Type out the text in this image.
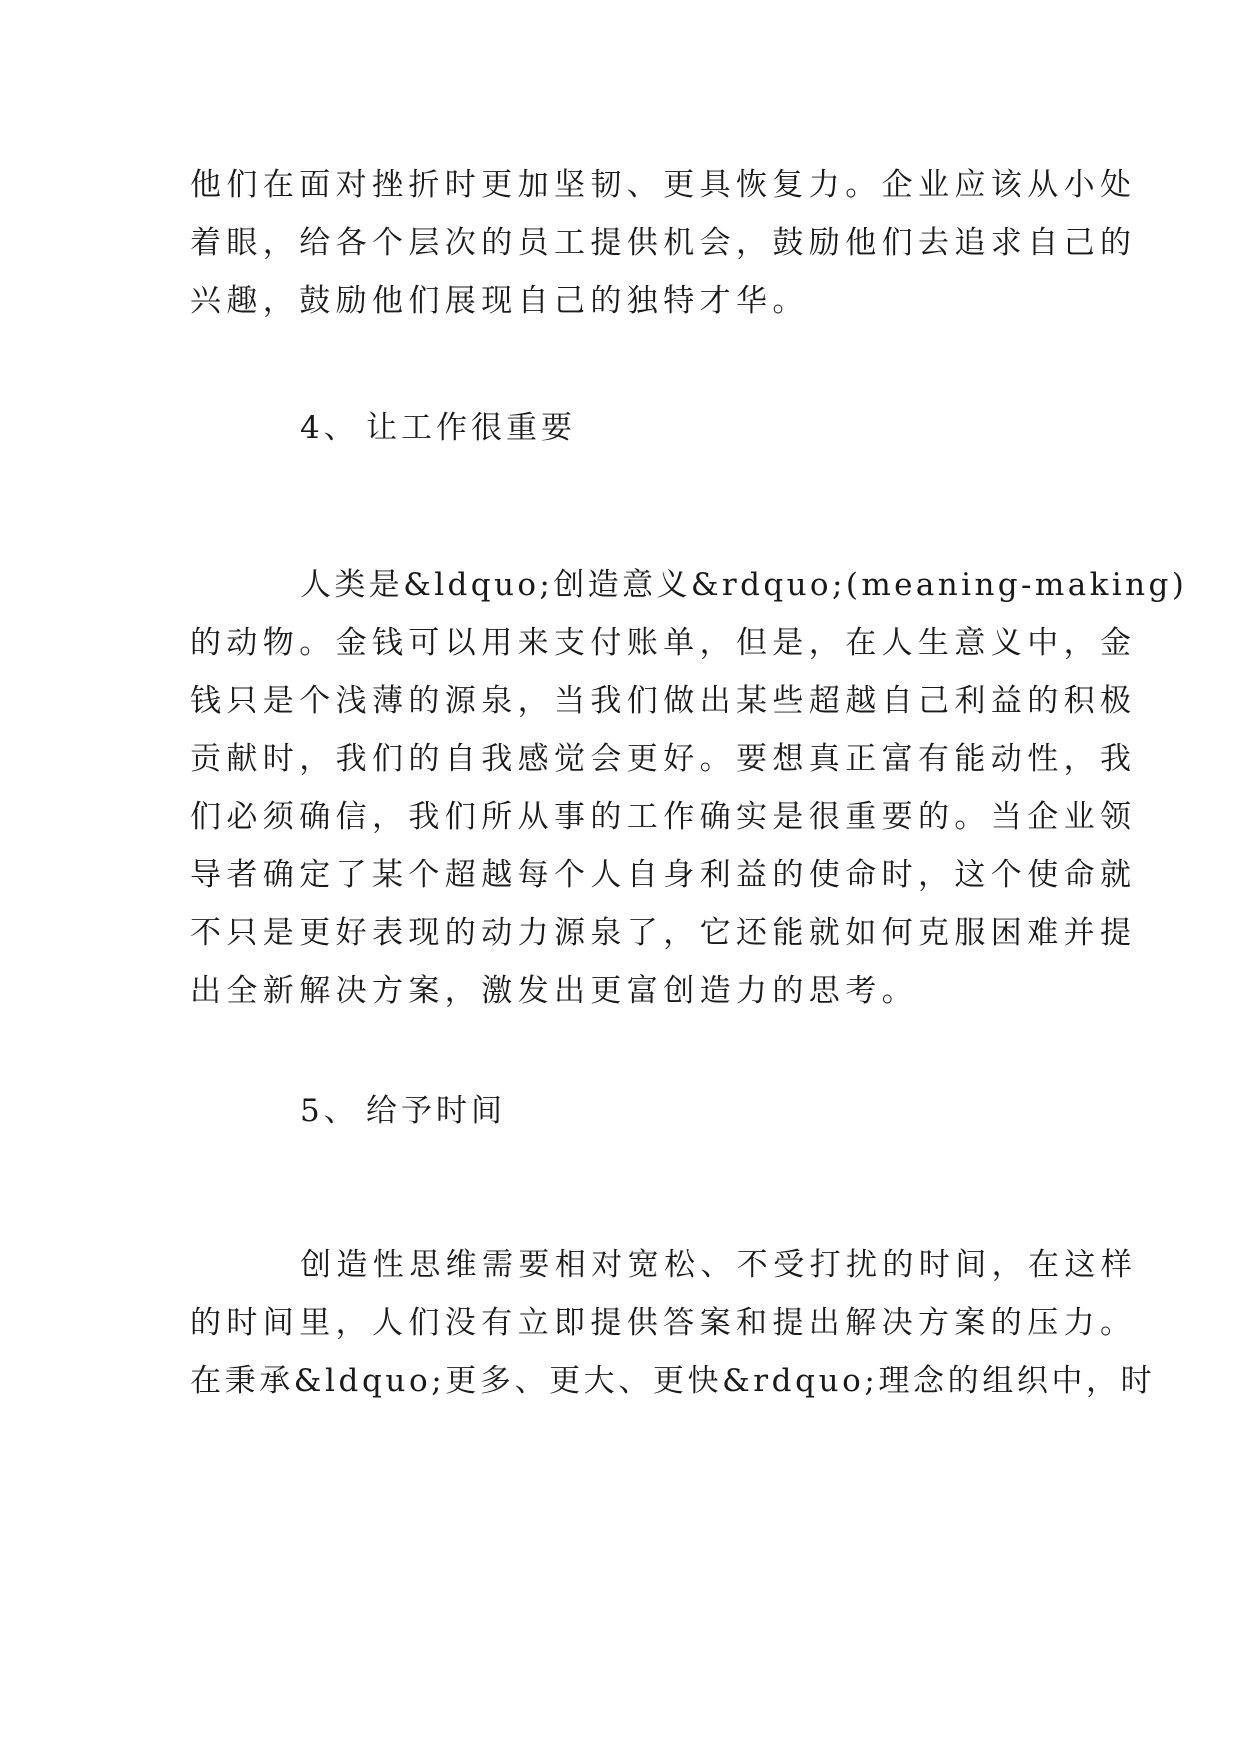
他们在面对挫折时更加坚韧、更具恢复力。企业应该从小处
着眼，给各个层次的员工提供机会，鼓励他们去追求自己的
兴趣，鼓励他们展现自己的独特才华。
4、 让工作很重要
人类是&ldquo;创造意义&rdquo;(meaning-making)
的动物。金钱可以用来支付账单，但是，在人生意义中，金
钱只是个浅薄的源泉，当我们做出某些超越自己利益的积极
贡献时，我们的自我感觉会更好。要想真正富有能动性，我
们必须确信，我们所从事的工作确实是很重要的。当企业领
导者确定了某个超越每个人自身利益的使命时，这个使命就
不只是更好表现的动力源泉了，它还能就如何克服困难并提
出全新解决方案，激发出更富创造力的思考。
5、 给予时间
创造性思维需要相对宽松、不受打扰的时间，在这样
的时间里，人们没有立即提供答案和提出解决方案的压力。
在秉承&ldquo;更多、更大、更快&rdquo;理念的组织中，时
